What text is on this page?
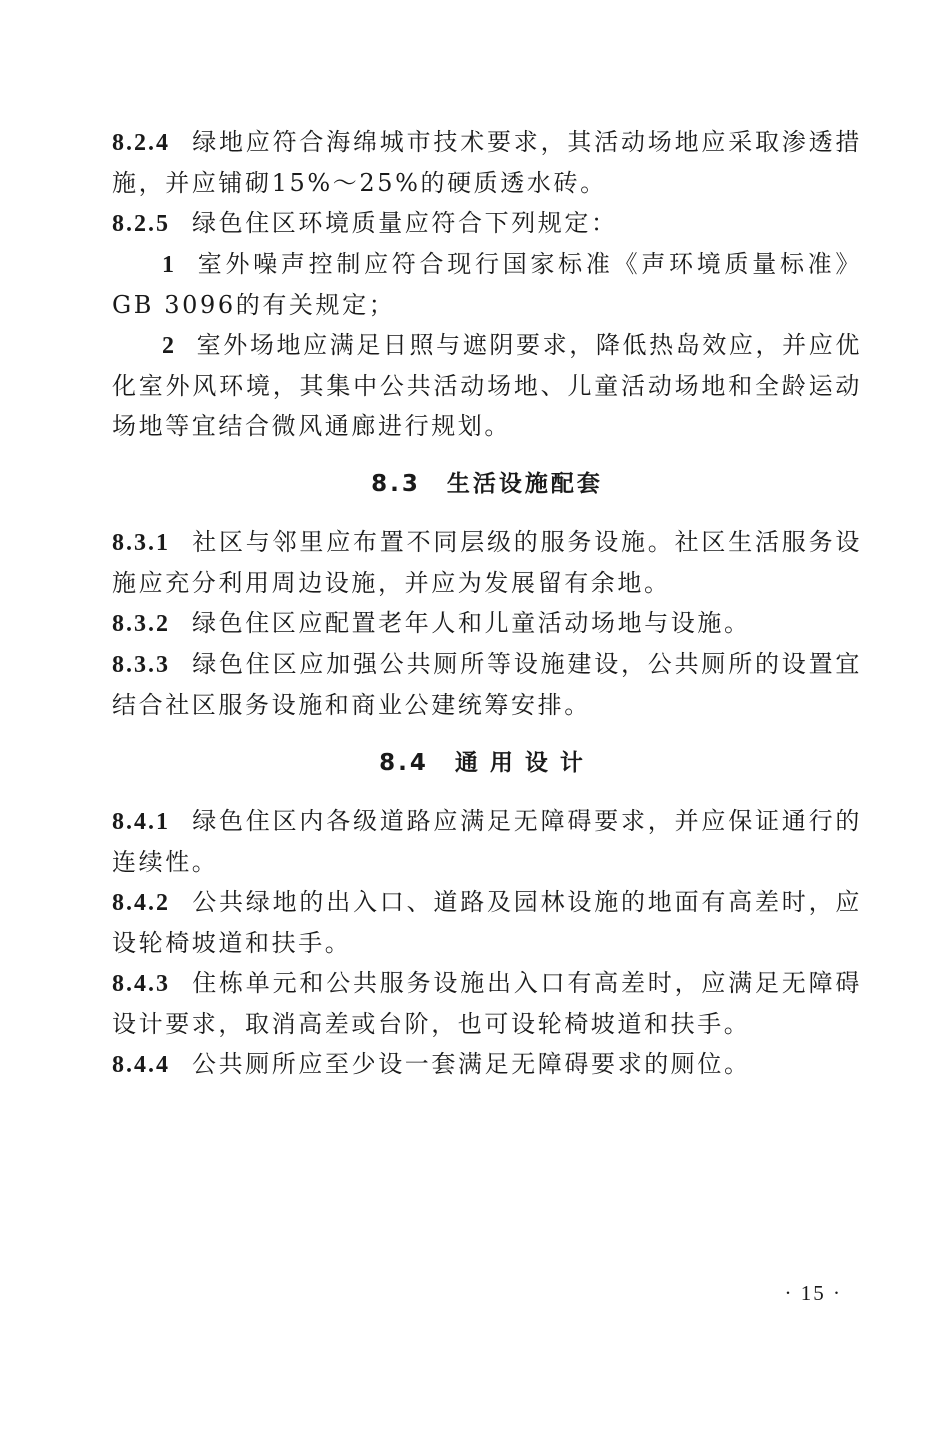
8.2.4 绿地应符合海绵城市技术要求，其活动场地应采取渗透措施，并应铺砌15%～25%的硬质透水砖。

8.2.5 绿色住区环境质量应符合下列规定：

1 室外噪声控制应符合现行国家标准《声环境质量标准》GB 3096的有关规定；

2 室外场地应满足日照与遮阴要求，降低热岛效应，并应优化室外风环境，其集中公共活动场地、儿童活动场地和全龄运动场地等宜结合微风通廊进行规划。

8.3 生活设施配套

8.3.1 社区与邻里应布置不同层级的服务设施。社区生活服务设施应充分利用周边设施，并应为发展留有余地。

8.3.2 绿色住区应配置老年人和儿童活动场地与设施。

8.3.3 绿色住区应加强公共厕所等设施建设，公共厕所的设置宜结合社区服务设施和商业公建统筹安排。

8.4 通用设计

8.4.1 绿色住区内各级道路应满足无障碍要求，并应保证通行的连续性。

8.4.2 公共绿地的出入口、道路及园林设施的地面有高差时，应设轮椅坡道和扶手。

8.4.3 住栋单元和公共服务设施出入口有高差时，应满足无障碍设计要求，取消高差或台阶，也可设轮椅坡道和扶手。

8.4.4 公共厕所应至少设一套满足无障碍要求的厕位。

· 15 ·
